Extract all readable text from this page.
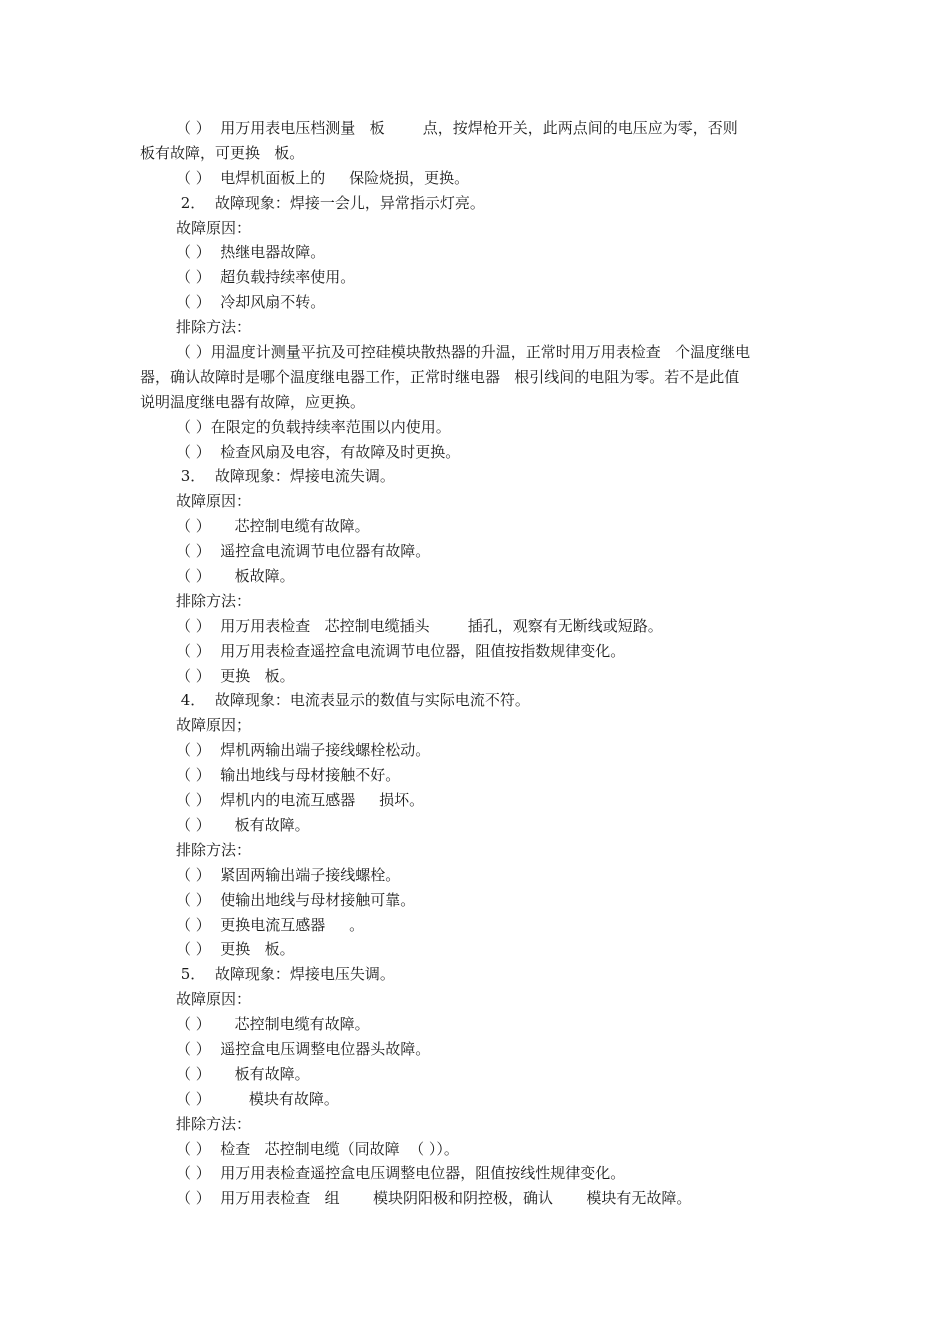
（ ）  用万用表电压档测量   板        点，按焊枪开关，此两点间的电压应为零，否则
板有故障，可更换   板。
（ ）  电焊机面板上的     保险烧损，更换。
2．  故障现象：焊接一会儿，异常指示灯亮。
故障原因：
（ ）  热继电器故障。
（ ）  超负载持续率使用。
（ ）  冷却风扇不转。
排除方法：
（ ）用温度计测量平抗及可控硅模块散热器的升温，正常时用万用表检查   个温度继电
器，确认故障时是哪个温度继电器工作，正常时继电器   根引线间的电阻为零。若不是此值
说明温度继电器有故障，应更换。
（ ）在限定的负载持续率范围以内使用。
（ ）  检查风扇及电容，有故障及时更换。
3．  故障现象：焊接电流失调。
故障原因：
（ ）     芯控制电缆有故障。
（ ）  遥控盒电流调节电位器有故障。
（ ）     板故障。
排除方法：
（ ）  用万用表检查   芯控制电缆插头        插孔，观察有无断线或短路。
（ ）  用万用表检查遥控盒电流调节电位器，阻值按指数规律变化。
（ ）  更换   板。
4．  故障现象：电流表显示的数值与实际电流不符。
故障原因；
（ ）  焊机两输出端子接线螺栓松动。
（ ）  输出地线与母材接触不好。
（ ）  焊机内的电流互感器     损坏。
（ ）     板有故障。
排除方法：
（ ）  紧固两输出端子接线螺栓。
（ ）  使输出地线与母材接触可靠。
（ ）  更换电流互感器     。
（ ）  更换   板。
5．  故障现象：焊接电压失调。
故障原因：
（ ）     芯控制电缆有故障。
（ ）  遥控盒电压调整电位器头故障。
（ ）     板有故障。
（ ）        模块有故障。
排除方法：
（ ）  检查   芯控制电缆（同故障  （ ））。
（ ）  用万用表检查遥控盒电压调整电位器，阻值按线性规律变化。
（ ）  用万用表检查   组       模块阴阳极和阴控极，确认       模块有无故障。
